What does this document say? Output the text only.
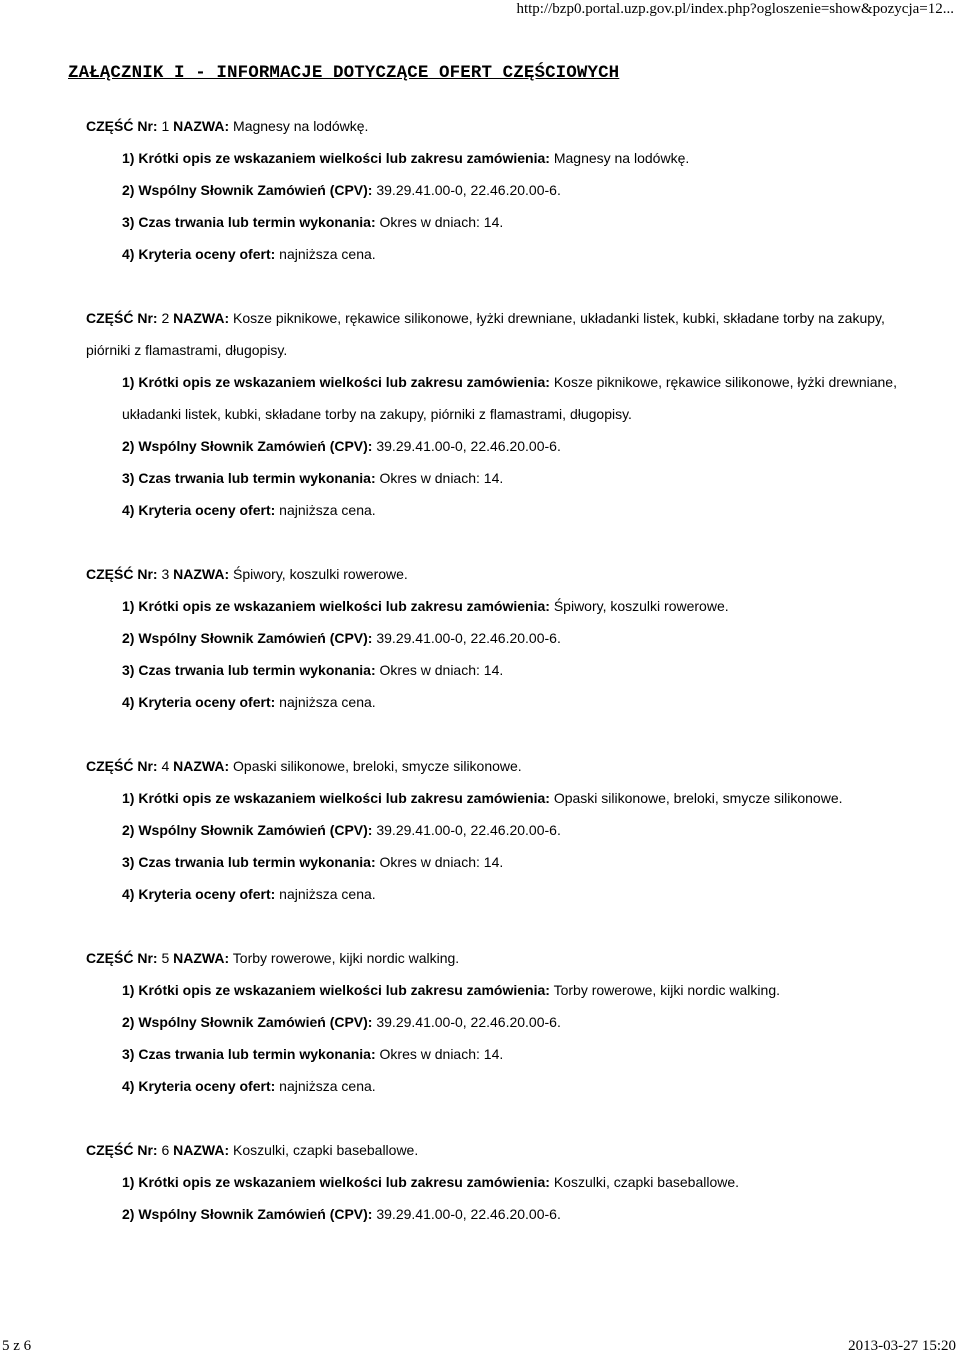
http://bzp0.portal.uzp.gov.pl/index.php?ogloszenie=show&pozycja=12...
ZAŁĄCZNIK I - INFORMACJE DOTYCZĄCE OFERT CZĘŚCIOWYCH
CZĘŚĆ Nr: 1 NAZWA: Magnesy na lodówkę.
1) Krótki opis ze wskazaniem wielkości lub zakresu zamówienia: Magnesy na lodówkę.
2) Wspólny Słownik Zamówień (CPV): 39.29.41.00-0, 22.46.20.00-6.
3) Czas trwania lub termin wykonania: Okres w dniach: 14.
4) Kryteria oceny ofert: najniższa cena.
CZĘŚĆ Nr: 2 NAZWA: Kosze piknikowe, rękawice silikonowe, łyżki drewniane, układanki listek, kubki, składane torby na zakupy, piórniki z flamastrami, długopisy.
1) Krótki opis ze wskazaniem wielkości lub zakresu zamówienia: Kosze piknikowe, rękawice silikonowe, łyżki drewniane, układanki listek, kubki, składane torby na zakupy, piórniki z flamastrami, długopisy.
2) Wspólny Słownik Zamówień (CPV): 39.29.41.00-0, 22.46.20.00-6.
3) Czas trwania lub termin wykonania: Okres w dniach: 14.
4) Kryteria oceny ofert: najniższa cena.
CZĘŚĆ Nr: 3 NAZWA: Śpiwory, koszulki rowerowe.
1) Krótki opis ze wskazaniem wielkości lub zakresu zamówienia: Śpiwory, koszulki rowerowe.
2) Wspólny Słownik Zamówień (CPV): 39.29.41.00-0, 22.46.20.00-6.
3) Czas trwania lub termin wykonania: Okres w dniach: 14.
4) Kryteria oceny ofert: najniższa cena.
CZĘŚĆ Nr: 4 NAZWA: Opaski silikonowe, breloki, smycze silikonowe.
1) Krótki opis ze wskazaniem wielkości lub zakresu zamówienia: Opaski silikonowe, breloki, smycze silikonowe.
2) Wspólny Słownik Zamówień (CPV): 39.29.41.00-0, 22.46.20.00-6.
3) Czas trwania lub termin wykonania: Okres w dniach: 14.
4) Kryteria oceny ofert: najniższa cena.
CZĘŚĆ Nr: 5 NAZWA: Torby rowerowe, kijki nordic walking.
1) Krótki opis ze wskazaniem wielkości lub zakresu zamówienia: Torby rowerowe, kijki nordic walking.
2) Wspólny Słownik Zamówień (CPV): 39.29.41.00-0, 22.46.20.00-6.
3) Czas trwania lub termin wykonania: Okres w dniach: 14.
4) Kryteria oceny ofert: najniższa cena.
CZĘŚĆ Nr: 6 NAZWA: Koszulki, czapki baseballowe.
1) Krótki opis ze wskazaniem wielkości lub zakresu zamówienia: Koszulki, czapki baseballowe.
2) Wspólny Słownik Zamówień (CPV): 39.29.41.00-0, 22.46.20.00-6.
5 z 6	2013-03-27 15:20
